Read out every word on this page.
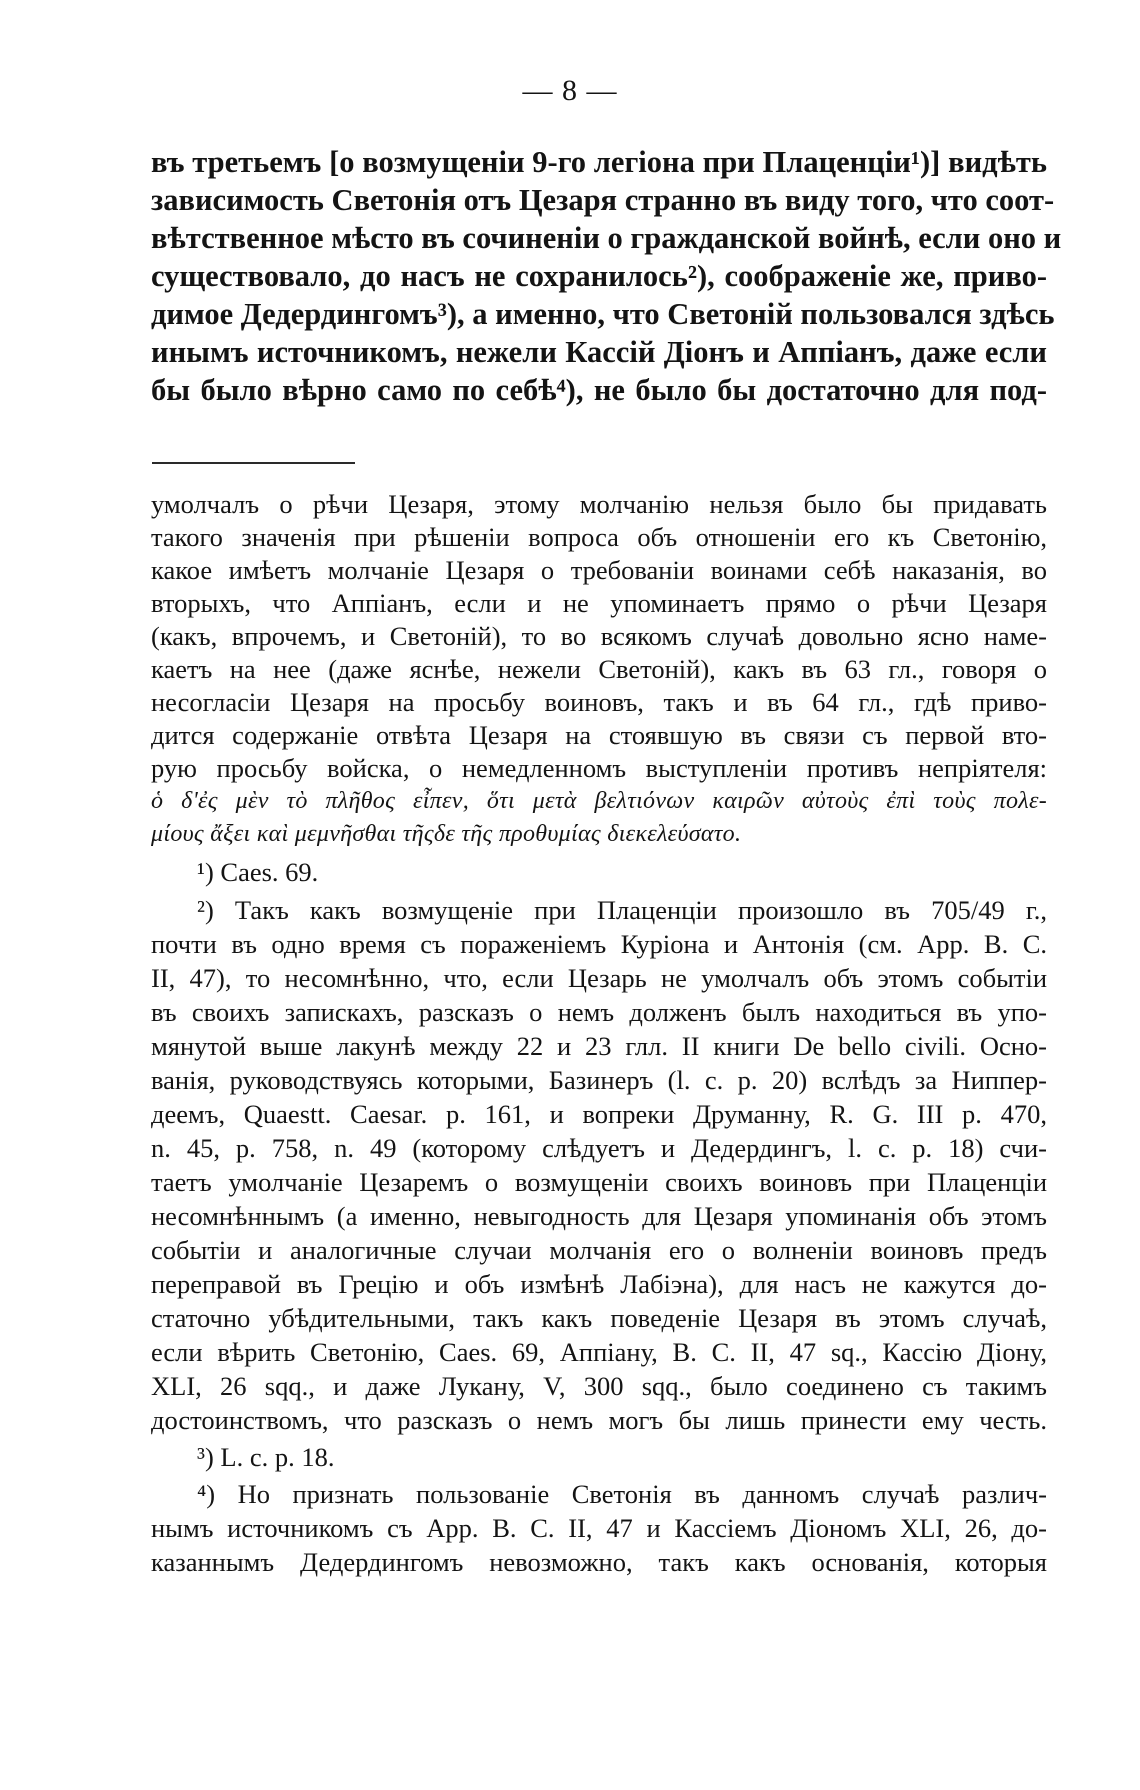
— 8 —
въ третьемъ [о возмущеніи 9-го легіона при Плаценціи¹)] видѣть
зависимость Светонія отъ Цезаря странно въ виду того, что соот-
вѣтственное мѣсто въ сочиненіи о гражданской войнѣ, если оно и
существовало, до насъ не сохранилось²), соображеніе же, приво-
димое Дедердингомъ³), а именно, что Светоній пользовался здѣсь
инымъ источникомъ, нежели Кассій Діонъ и Аппіанъ, даже если
бы было вѣрно само по себѣ⁴), не было бы достаточно для под-
умолчалъ о рѣчи Цезаря, этому молчанію нельзя было бы придавать
такого значенія при рѣшеніи вопроса объ отношеніи его къ Светонію,
какое имѣетъ молчаніе Цезаря о требованіи воинами себѣ наказанія, во
вторыхъ, что Аппіанъ, если и не упоминаетъ прямо о рѣчи Цезаря
(какъ, впрочемъ, и Светоній), то во всякомъ случаѣ довольно ясно наме-
каетъ на нее (даже яснѣе, нежели Светоній), какъ въ 63 гл., говоря о
несогласіи Цезаря на просьбу воиновъ, такъ и въ 64 гл., гдѣ приво-
дится содержаніе отвѣта Цезаря на стоявшую въ связи съ первой вто-
рую просьбу войска, о немедленномъ выступленіи противъ непріятеля:
ὁ δ'ἐς μὲν τὸ πλῆθος εἶπεν, ὅτι μετὰ βελτιόνων καιρῶν αὐτοὺς ἐπὶ τοὺς πολε-
μίους ἄξει καὶ μεμνῆσθαι τῆςδε τῆς προθυμίας διεκελεύσατο.
¹) Caes. 69.
²) Такъ какъ возмущеніе при Плаценціи произошло въ 705/49 г.,
почти въ одно время съ пораженіемъ Куріона и Антонія (см. App. B. C.
II, 47), то несомнѣнно, что, если Цезарь не умолчалъ объ этомъ событіи
въ своихъ запискахъ, разсказъ о немъ долженъ былъ находиться въ упо-
мянутой выше лакунѣ между 22 и 23 глл. II книги De bello civili. Осно-
ванія, руководствуясь которыми, Базинеръ (l. c. p. 20) вслѣдъ за Ниппер-
деемъ, Quaestt. Caesar. p. 161, и вопреки Друманну, R. G. III p. 470,
n. 45, p. 758, n. 49 (которому слѣдуетъ и Дедердингъ, l. c. p. 18) счи-
таетъ умолчаніе Цезаремъ о возмущеніи своихъ воиновъ при Плаценціи
несомнѣннымъ (а именно, невыгодность для Цезаря упоминанія объ этомъ
событіи и аналогичные случаи молчанія его о волненіи воиновъ предъ
переправой въ Грецію и объ измѣнѣ Лабіэна), для насъ не кажутся до-
статочно убѣдительными, такъ какъ поведеніе Цезаря въ этомъ случаѣ,
если вѣрить Светонію, Caes. 69, Аппіану, B. C. II, 47 sq., Кассію Діону,
XLI, 26 sqq., и даже Лукану, V, 300 sqq., было соединено съ такимъ
достоинствомъ, что разсказъ о немъ могъ бы лишь принести ему честь.
³) L. c. p. 18.
⁴) Но признать пользованіе Светонія въ данномъ случаѣ различ-
нымъ источникомъ съ App. B. C. II, 47 и Кассіемъ Діономъ XLI, 26, до-
казаннымъ Дедердингомъ невозможно, такъ какъ основанія, которыя
